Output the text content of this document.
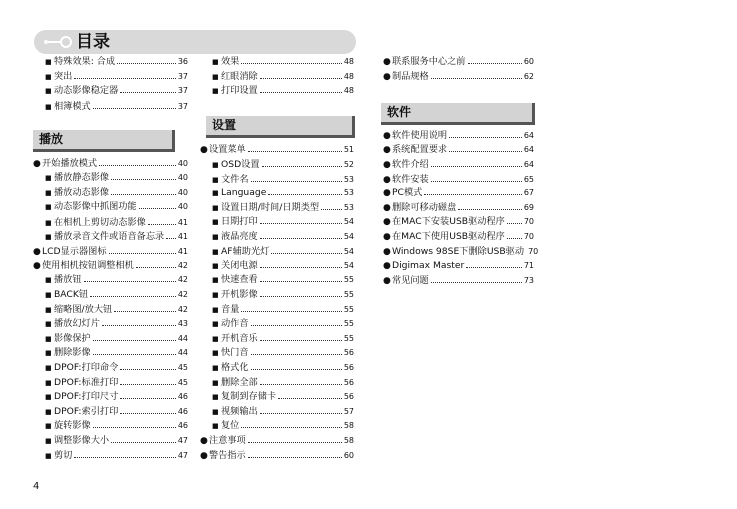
目录
■ 特殊效果: 合成	36
■ 突出	37
■ 动态影像稳定器	37
■ 相簿模式	37
● 开始播放模式	40
■ 播放静态影像	40
■ 播放动态影像	40
■ 动态影像中抓图功能	40
■ 在相机上剪切动态影像	41
■ 播放录音文件或语音备忘录 41
● LCD显示器图标	41
● 使用相机按钮调整相机	42
■ 播放钮	42
■ BACK钮	42
■ 缩略图/放大钮	42
■ 播放幻灯片	43
■ 影像保护	44
■ 删除影像	44
■ DPOF:打印命令	45
■ DPOF:标准打印	45
■ DPOF:打印尺寸	46
■ DPOF:索引打印	46
■ 旋转影像	46
■ 调整影像大小	47
■ 剪切	47
■ 效果	48
■ 红眼消除	48
■ 打印设置	48
● 设置菜单	51
■ OSD设置	52
■ 文件名	53
■ Language	53
■ 设置日期/时间/日期类型	53
■ 日期打印	54
■ 液晶亮度	54
■ AF辅助光灯	54
■ 关闭电源	54
■ 快速查看	55
■ 开机影像	55
■ 音量	55
■ 动作音	55
■ 开机音乐	55
■ 快门音	56
■ 格式化	56
■ 删除全部	56
■ 复制到存储卡	56
■ 视频输出	57
■ 复位	58
● 注意事项	58
● 警告指示	60
● 联系服务中心之前	60
● 制品规格	62
● 软件使用说明	64
● 系统配置要求	64
● 软件介绍	64
● 软件安装	65
● PC模式	67
● 删除可移动磁盘	69
● 在MAC下安装USB驱动程序 70
● 在MAC下使用USB驱动程序 70
● Windows 98SE下删除USB驱动 70
● Digimax Master	71
● 常见问题	73
播放
设置
软件
4
